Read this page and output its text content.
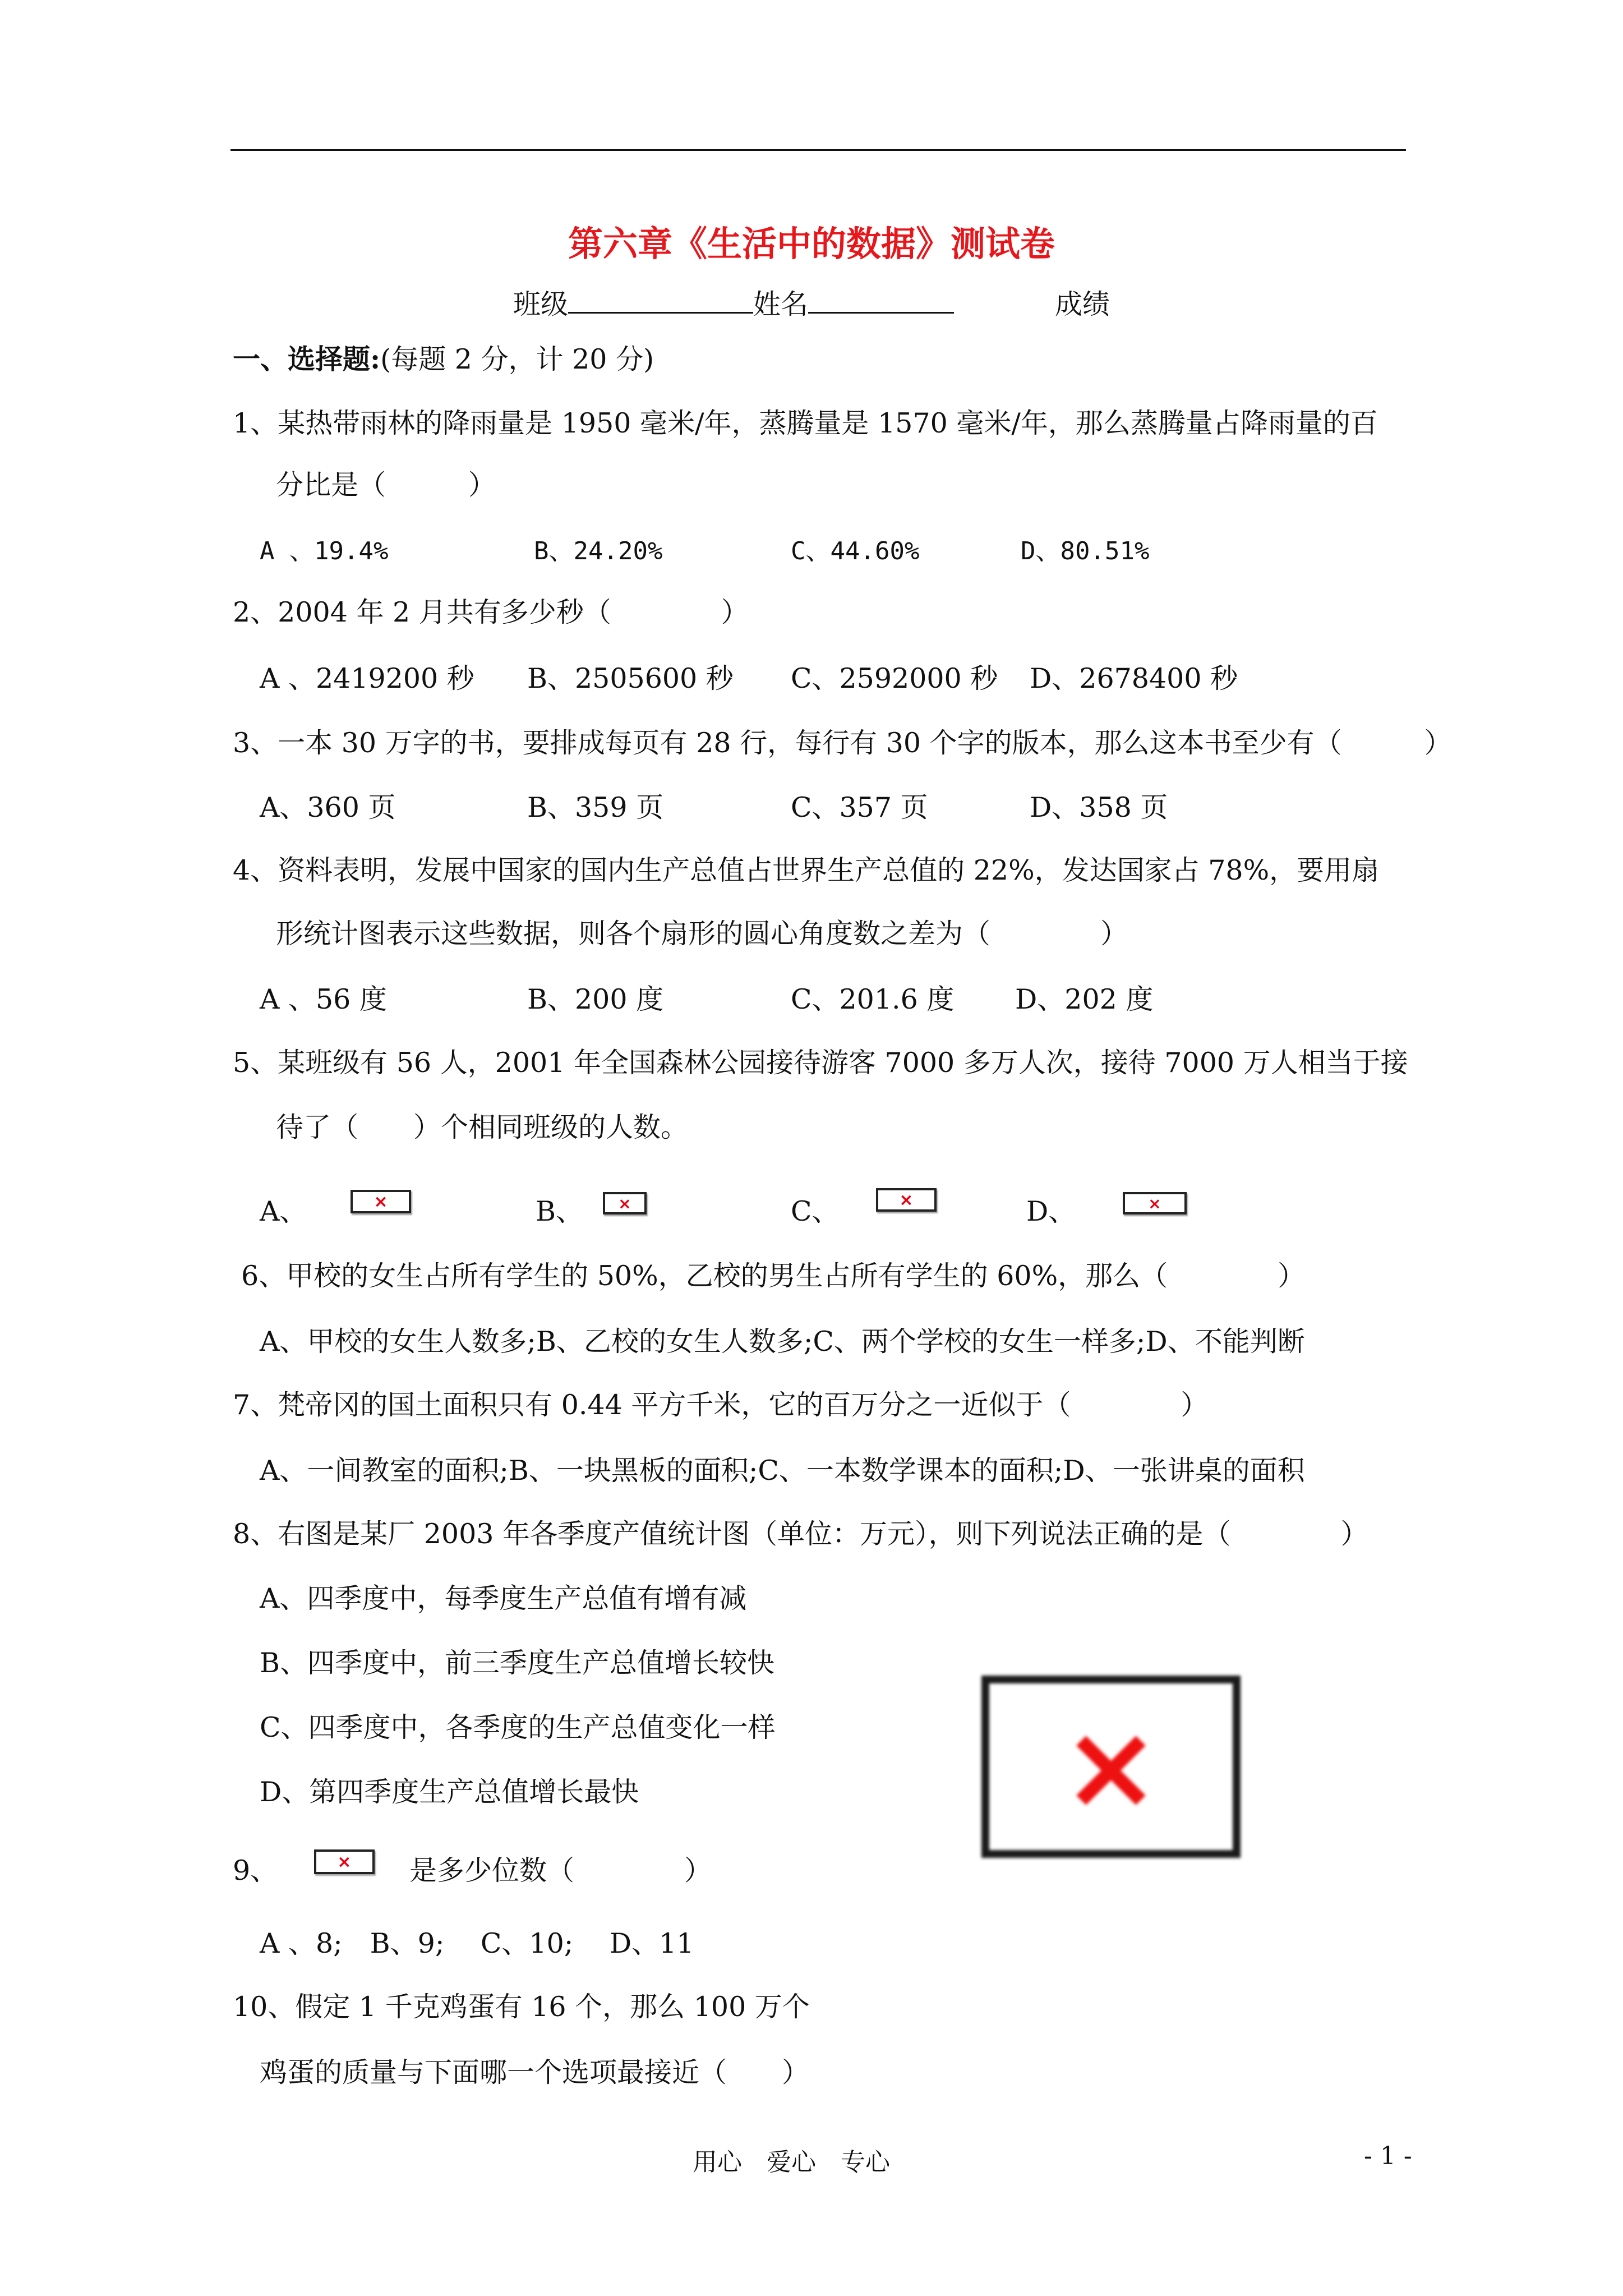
第六章《生活中的数据》测试卷
班级	姓名	成绩
一、选择题:(每题 2 分，计 20 分)
1、某热带雨林的降雨量是 1950 毫米/年，蒸腾量是 1570 毫米/年，那么蒸腾量占降雨量的百
分比是（　　　）
A 、19.4%	B、24.20%	C、44.60%	D、80.51%
2、2004 年 2 月共有多少秒（　　　　）
A 、2419200 秒 B、2505600 秒 C、2592000 秒 D、2678400 秒
3、一本 30 万字的书，要排成每页有 28 行，每行有 30 个字的版本，那么这本书至少有（　　　）
A、360 页	B、359 页	C、357 页	D、358 页
4、资料表明，发展中国家的国内生产总值占世界生产总值的 22%，发达国家占 78%，要用扇
形统计图表示这些数据，则各个扇形的圆心角度数之差为（　　　　）
A 、56 度	B、200 度	C、201.6 度 D、202 度
5、某班级有 56 人，2001 年全国森林公园接待游客 7000 多万人次，接待 7000 万人相当于接
待了（　　）个相同班级的人数。
A、	×	B、 ×	C、	×	D、	×
6、甲校的女生占所有学生的 50%，乙校的男生占所有学生的 60%，那么（　　　　）
A、甲校的女生人数多;B、乙校的女生人数多;C、两个学校的女生一样多;D、不能判断
7、梵帝冈的国土面积只有 0.44 平方千米，它的百万分之一近似于（　　　　）
A、一间教室的面积;B、一块黑板的面积;C、一本数学课本的面积;D、一张讲桌的面积
8、右图是某厂 2003 年各季度产值统计图（单位：万元），则下列说法正确的是（　　　　）
A、四季度中，每季度生产总值有增有减
B、四季度中，前三季度生产总值增长较快
C、四季度中，各季度的生产总值变化一样
D、第四季度生产总值增长最快	×
9、	× 是多少位数（　　　　）
A 、8;　B、9;　 C、10;　 D、11
10、假定 1 千克鸡蛋有 16 个，那么 100 万个
鸡蛋的质量与下面哪一个选项最接近（　　）
用心　爱心　专心	- 1 -
